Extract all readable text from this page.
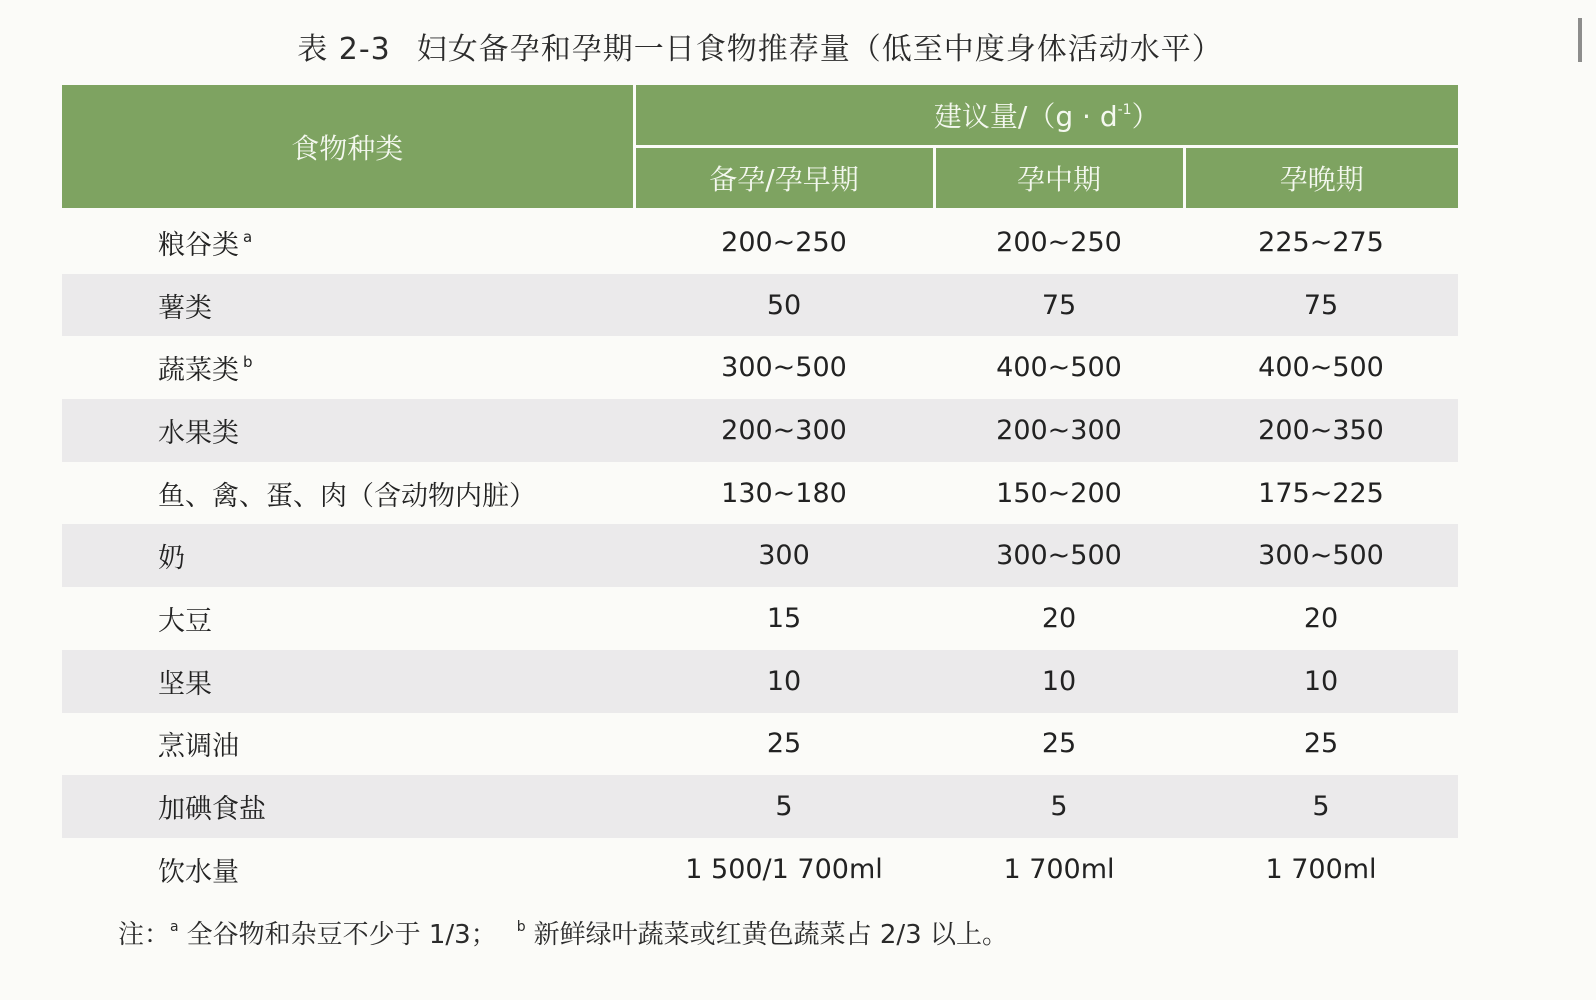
表 2-3 妇女备孕和孕期一日食物推荐量（低至中度身体活动水平）
食物种类	建议量$/(g \cdot d^{-1})$		
	备孕/孕早期	孕中期	孕晚期
粮谷类 $^a$	200~250	200~250	225~275
薯类	50	75	75
蔬菜类 $^b$	300~500	400~500	400~500
水果类	200~300	200~300	200~350
鱼、禽、蛋、肉（含动物内脏）	130~180	150~200	175~225
奶	300	300~500	300~500
大豆	15	20	20
坚果	10	10	10
烹调油	25	25	25
加碘食盐	5	5	5
饮水量	1 500/1 700ml	1 700ml	1 700ml
注：$^a$ 全谷物和杂豆不少于 1/3； $^b$ 新鲜绿叶蔬菜或红黄色蔬菜占 2/3 以上。
